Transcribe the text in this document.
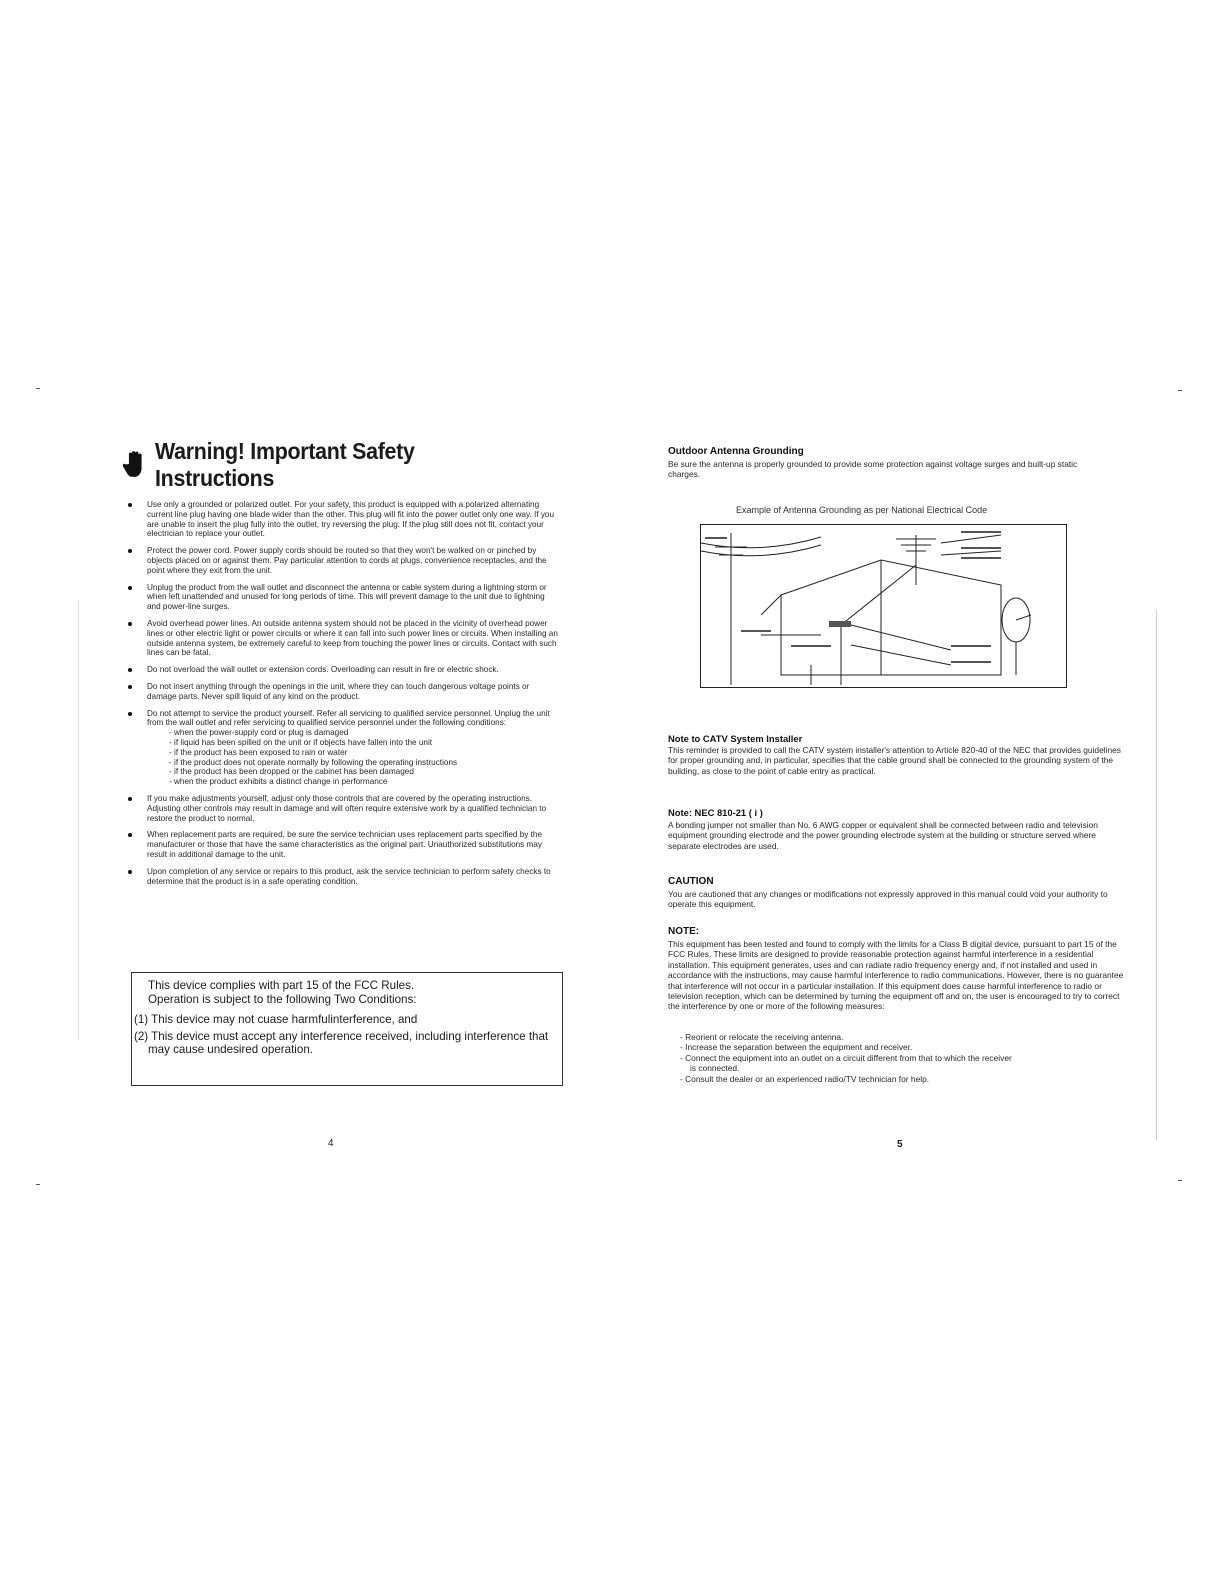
Warning! Important Safety Instructions
Use only a grounded or polarized outlet. For your safety, this product is equipped with a polarized alternating current line plug having one blade wider than the other. This plug will fit into the power outlet only one way. If you are unable to insert the plug fully into the outlet, try reversing the plug. If the plug still does not fit, contact your electrician to replace your outlet.
Protect the power cord. Power supply cords should be routed so that they won't be walked on or pinched by objects placed on or against them. Pay particular attention to cords at plugs, convenience receptacles, and the point where they exit from the unit.
Unplug the product from the wall outlet and disconnect the antenna or cable system during a lightning storm or when left unattended and unused for long periods of time. This will prevent damage to the unit due to lightning and power-line surges.
Avoid overhead power lines. An outside antenna system should not be placed in the vicinity of overhead power lines or other electric light or power circuits or where it can fall into such power lines or circuits. When installing an outside antenna system, be extremely careful to keep from touching the power lines or circuits. Contact with such lines can be fatal.
Do not overload the wall outlet or extension cords. Overloading can result in fire or electric shock.
Do not insert anything through the openings in the unit, where they can touch dangerous voltage points or damage parts. Never spill liquid of any kind on the product.
Do not attempt to service the product yourself. Refer all servicing to qualified service personnel. Unplug the unit from the wall outlet and refer servicing to qualified service personnel under the following conditions:
- when the power-supply cord or plug is damaged
- if liquid has been spilled on the unit or if objects have fallen into the unit
- if the product has been exposed to rain or water
- if the product does not operate normally by following the operating instructions
- if the product has been dropped or the cabinet has been damaged
- when the product exhibits a distinct change in performance
If you make adjustments yourself, adjust only those controls that are covered by the operating instructions. Adjusting other controls may result in damage and will often require extensive work by a qualified technician to restore the product to normal.
When replacement parts are required, be sure the service technician uses replacement parts specified by the manufacturer or those that have the same characteristics as the original part. Unauthorized substitutions may result in additional damage to the unit.
Upon completion of any service or repairs to this product, ask the service technician to perform safety checks to determine that the product is in a safe operating condition.
This device complies with part 15 of the FCC Rules.
Operation is subject to the following Two Conditions:
(1) This device may not cuase harmfulinterference, and
(2) This device must accept any interference received, including interference that
may cause undesired operation.
4
Outdoor Antenna Grounding
Be sure the antenna is properly grounded to provide some protection against voltage surges and built-up static charges.
Example of Antenna Grounding as per National Electrical Code
Note to CATV System Installer
This reminder is provided to call the CATV system installer's attention to Article 820-40 of the NEC that provides guidelines for proper grounding and, in particular, specifies that the cable ground shall be connected to the grounding system of the building, as close to the point of cable entry as practical.
Note: NEC 810-21 ( i )
A bonding jumper not smaller than No. 6 AWG copper or equivalent shall be connected between radio and television equipment grounding electrode and the power grounding electrode system at the building or structure served where separate electrodes are used.
CAUTION
You are cautioned that any changes or modifications not expressly approved in this manual could void your authority to operate this equipment.
NOTE:
This equipment has been tested and found to comply with the limits for a Class B digital device, pursuant to part 15 of the FCC Rules. These limits are designed to provide reasonable protection against harmful interference in a residential installation. This equipment generates, uses and can radiate radio frequency energy and, if not installed and used in accordance with the instructions, may cause harmful interference to radio communications. However, there is no guarantee that interference will not occur in a particular installation. If this equipment does cause harmful interference to radio or television reception, which can be determined by turning the equipment off and on, the user is encouraged to try to correct the interference by one or more of the following measures:
- Reorient or relocate the receiving antenna.
- Increase the separation between the equipment and receiver.
- Connect the equipment into an outlet on a circuit different from that to which the receiver
is connected.
- Consult the dealer or an experienced radio/TV technician for help.
5
